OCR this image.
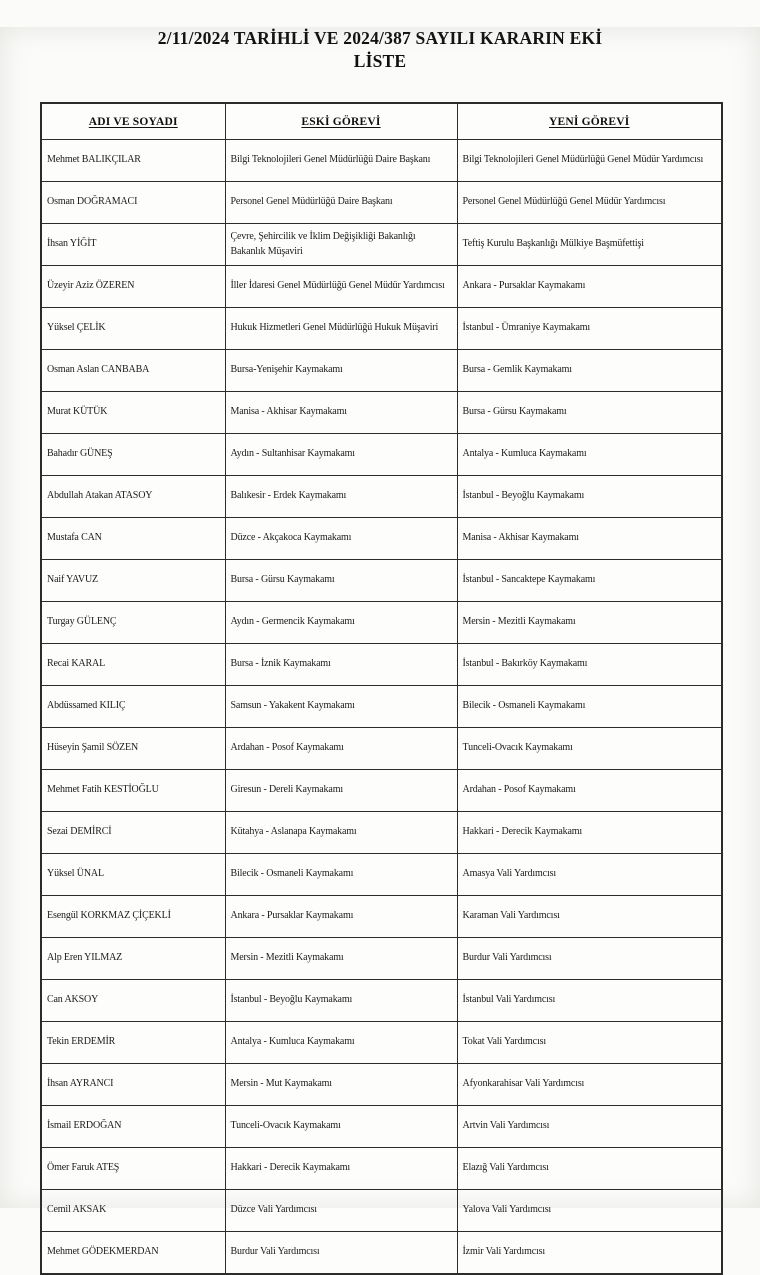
2/11/2024 TARİHLİ VE 2024/387 SAYILI KARARIN EKİ
LİSTE
ADI VE SOYADI	ESKİ GÖREVİ	YENİ GÖREVİ
Mehmet BALIKÇILAR	Bilgi Teknolojileri Genel Müdürlüğü Daire Başkanı	Bilgi Teknolojileri Genel Müdürlüğü Genel Müdür Yardımcısı
Osman DOĞRAMACI	Personel Genel Müdürlüğü Daire Başkanı	Personel Genel Müdürlüğü Genel Müdür Yardımcısı
İhsan YİĞİT	Çevre, Şehircilik ve İklim Değişikliği Bakanlığı Bakanlık Müşaviri	Teftiş Kurulu Başkanlığı Mülkiye Başmüfettişi
Üzeyir Aziz ÖZEREN	İller İdaresi Genel Müdürlüğü Genel Müdür Yardımcısı	Ankara - Pursaklar Kaymakamı
Yüksel ÇELİK	Hukuk Hizmetleri Genel Müdürlüğü Hukuk Müşaviri	İstanbul - Ümraniye Kaymakamı
Osman Aslan CANBABA	Bursa-Yenişehir Kaymakamı	Bursa - Gemlik Kaymakamı
Murat KÜTÜK	Manisa - Akhisar Kaymakamı	Bursa - Gürsu Kaymakamı
Bahadır GÜNEŞ	Aydın - Sultanhisar Kaymakamı	Antalya - Kumluca Kaymakamı
Abdullah Atakan ATASOY	Balıkesir - Erdek Kaymakamı	İstanbul - Beyoğlu Kaymakamı
Mustafa CAN	Düzce - Akçakoca Kaymakamı	Manisa - Akhisar Kaymakamı
Naif YAVUZ	Bursa - Gürsu Kaymakamı	İstanbul - Sancaktepe Kaymakamı
Turgay GÜLENÇ	Aydın - Germencik Kaymakamı	Mersin - Mezitli Kaymakamı
Recai KARAL	Bursa - İznik Kaymakamı	İstanbul - Bakırköy Kaymakamı
Abdüssamed KILIÇ	Samsun - Yakakent Kaymakamı	Bilecik - Osmaneli Kaymakamı
Hüseyin Şamil SÖZEN	Ardahan - Posof Kaymakamı	Tunceli-Ovacık Kaymakamı
Mehmet Fatih KESTİOĞLU	Giresun - Dereli Kaymakamı	Ardahan - Posof Kaymakamı
Sezai DEMİRCİ	Kütahya - Aslanapa Kaymakamı	Hakkari - Derecik Kaymakamı
Yüksel ÜNAL	Bilecik - Osmaneli Kaymakamı	Amasya Vali Yardımcısı
Esengül KORKMAZ ÇİÇEKLİ	Ankara - Pursaklar Kaymakamı	Karaman Vali Yardımcısı
Alp Eren YILMAZ	Mersin - Mezitli Kaymakamı	Burdur Vali Yardımcısı
Can AKSOY	İstanbul - Beyoğlu Kaymakamı	İstanbul Vali Yardımcısı
Tekin ERDEMİR	Antalya - Kumluca Kaymakamı	Tokat Vali Yardımcısı
İhsan AYRANCI	Mersin - Mut Kaymakamı	Afyonkarahisar Vali Yardımcısı
İsmail ERDOĞAN	Tunceli-Ovacık Kaymakamı	Artvin Vali Yardımcısı
Ömer Faruk ATEŞ	Hakkari - Derecik Kaymakamı	Elazığ Vali Yardımcısı
Cemil AKSAK	Düzce Vali Yardımcısı	Yalova Vali Yardımcısı
Mehmet GÖDEKMERDAN	Burdur Vali Yardımcısı	İzmir Vali Yardımcısı
